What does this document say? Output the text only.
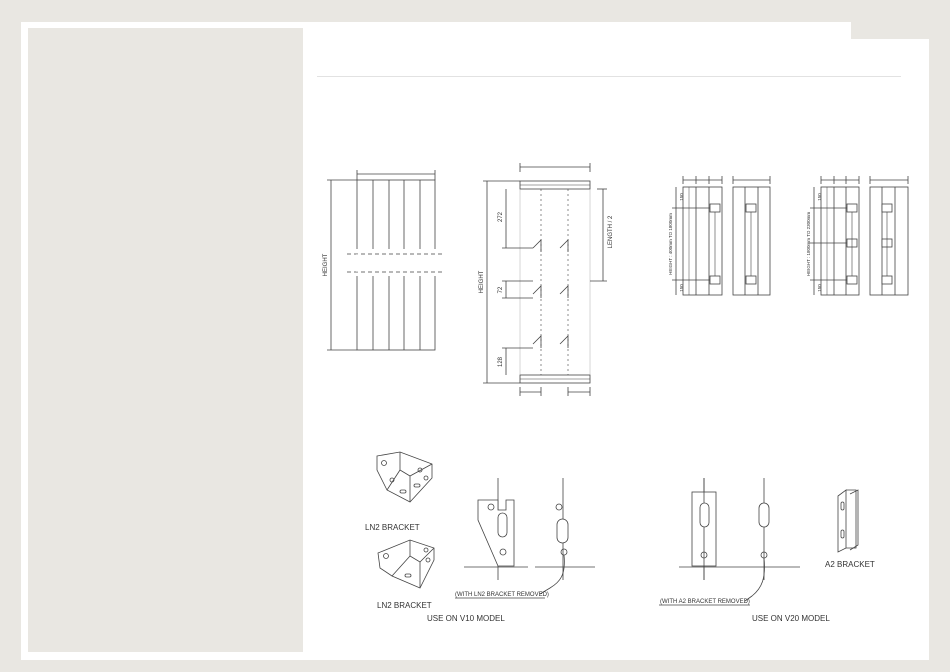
HEIGHT
HEIGHT
272
72
128
LENGTH / 2
150
150
HEIGHT : 400mm TO 1800mm
150
150
HEIGHT : 1800mm TO 2300mm
LN2 BRACKET
LN2 BRACKET
(WITH LN2 BRACKET REMOVED)
USE ON V10 MODEL
(WITH A2 BRACKET REMOVED)
USE ON V20 MODEL
A2 BRACKET
